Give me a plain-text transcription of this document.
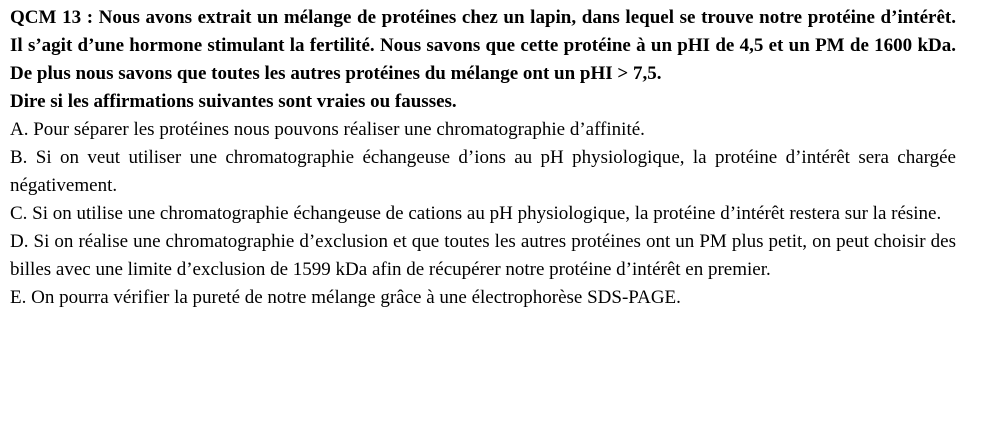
QCM 13 : Nous avons extrait un mélange de protéines chez un lapin, dans lequel se trouve notre protéine d’intérêt. Il s’agit d’une hormone stimulant la fertilité. Nous savons que cette protéine à un pHI de 4,5 et un PM de 1600 kDa. De plus nous savons que toutes les autres protéines du mélange ont un pHI > 7,5.

Dire si les affirmations suivantes sont vraies ou fausses.

A. Pour séparer les protéines nous pouvons réaliser une chromatographie d’affinité.

B. Si on veut utiliser une chromatographie échangeuse d’ions au pH physiologique, la protéine d’intérêt sera chargée négativement.

C. Si on utilise une chromatographie échangeuse de cations au pH physiologique, la protéine d’intérêt restera sur la résine.

D. Si on réalise une chromatographie d’exclusion et que toutes les autres protéines ont un PM plus petit, on peut choisir des billes avec une limite d’exclusion de 1599 kDa afin de récupérer notre protéine d’intérêt en premier.

E. On pourra vérifier la pureté de notre mélange grâce à une électrophorèse SDS-PAGE.
